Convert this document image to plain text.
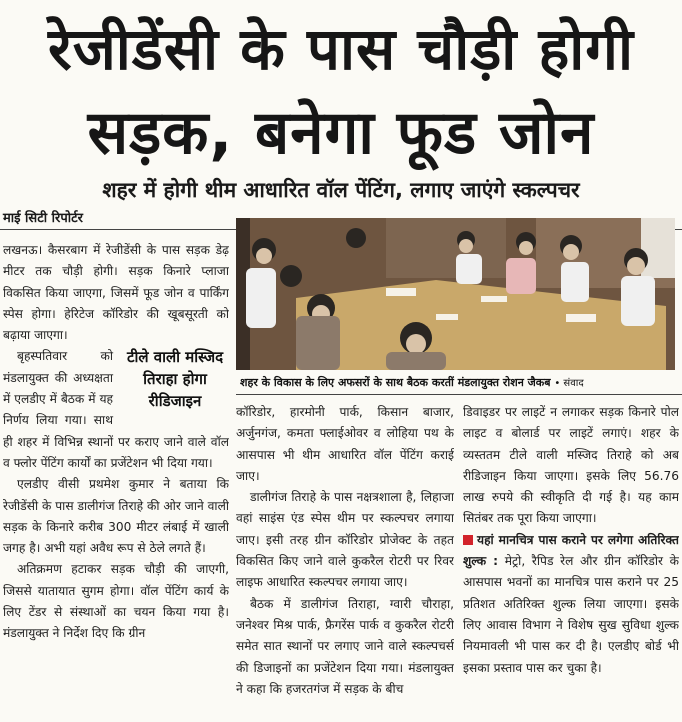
रेजीडेंसी के पास चौड़ी होगी
सड़क, बनेगा फूड जोन
शहर में होगी थीम आधारित वॉल पेंटिंग, लगाए जाएंगे स्कल्पचर
माई सिटी रिपोर्टर

लखनऊ। कैसरबाग में रेजीडेंसी के पास सड़क डेढ़ मीटर तक चौड़ी होगी। सड़क किनारे प्लाजा विकसित किया जाएगा, जिसमें फूड जोन व पार्किंग स्पेस होगा। हेरिटेज कॉरिडोर की खूबसूरती को बढ़ाया जाएगा।

टीले वाली मस्जिद तिराहा होगा रीडिजाइन

बृहस्पतिवार को मंडलायुक्त की अध्यक्षता में एलडीए में बैठक में यह निर्णय लिया गया। साथ ही शहर में विभिन्न स्थानों पर कराए जाने वाले वॉल व फ्लोर पेंटिंग कार्यों का प्रजेंटेशन भी दिया गया।

एलडीए वीसी प्रथमेश कुमार ने बताया कि रेजीडेंसी के पास डालीगंज तिराहे की ओर जाने वाली सड़क के किनारे करीब 300 मीटर लंबाई में खाली जगह है। अभी यहां अवैध रूप से ठेले लगते हैं।

अतिक्रमण हटाकर सड़क चौड़ी की जाएगी, जिससे यातायात सुगम होगा। वॉल पेंटिंग कार्य के लिए टेंडर से संस्थाओं का चयन किया गया है। मंडलायुक्त ने निर्देश दिए कि ग्रीन

शहर के विकास के लिए अफसरों के साथ बैठक करतीं मंडलायुक्त रोशन जैकब • संवाद

कॉरिडोर, हारमोनी पार्क, किसान बाजार, अर्जुनगंज, कमता फ्लाईओवर व लोहिया पथ के आसपास भी थीम आधारित वॉल पेंटिंग कराई जाए।

डालीगंज तिराहे के पास नक्षत्रशाला है, लिहाजा वहां साइंस एंड स्पेस थीम पर स्कल्पचर लगाया जाए। इसी तरह ग्रीन कॉरिडोर प्रोजेक्ट के तहत विकसित किए जाने वाले कुकरैल रोटरी पर रिवर लाइफ आधारित स्कल्पचर लगाया जाए।

बैठक में डालीगंज तिराहा, ग्वारी चौराहा, जनेश्वर मिश्र पार्क, फ्रैगरेंस पार्क व कुकरैल रोटरी समेत सात स्थानों पर लगाए जाने वाले स्कल्पचर्स की डिजाइनों का प्रजेंटेशन दिया गया। मंडलायुक्त ने कहा कि हजरतगंज में सड़क के बीच

डिवाइडर पर लाइटें न लगाकर सड़क किनारे पोल लाइट व बोलार्ड पर लाइटें लगाएं। शहर के व्यस्ततम टीले वाली मस्जिद तिराहे को अब रीडिजाइन किया जाएगा। इसके लिए 56.76 लाख रुपये की स्वीकृति दी गई है। यह काम सितंबर तक पूरा किया जाएगा।

यहां मानचित्र पास कराने पर लगेगा अतिरिक्त शुल्क : मेट्रो, रैपिड रेल और ग्रीन कॉरिडोर के आसपास भवनों का मानचित्र पास कराने पर 25 प्रतिशत अतिरिक्त शुल्क लिया जाएगा। इसके लिए आवास विभाग ने विशेष सुख सुविधा शुल्क नियमावली भी पास कर दी है। एलडीए बोर्ड भी इसका प्रस्ताव पास कर चुका है।
